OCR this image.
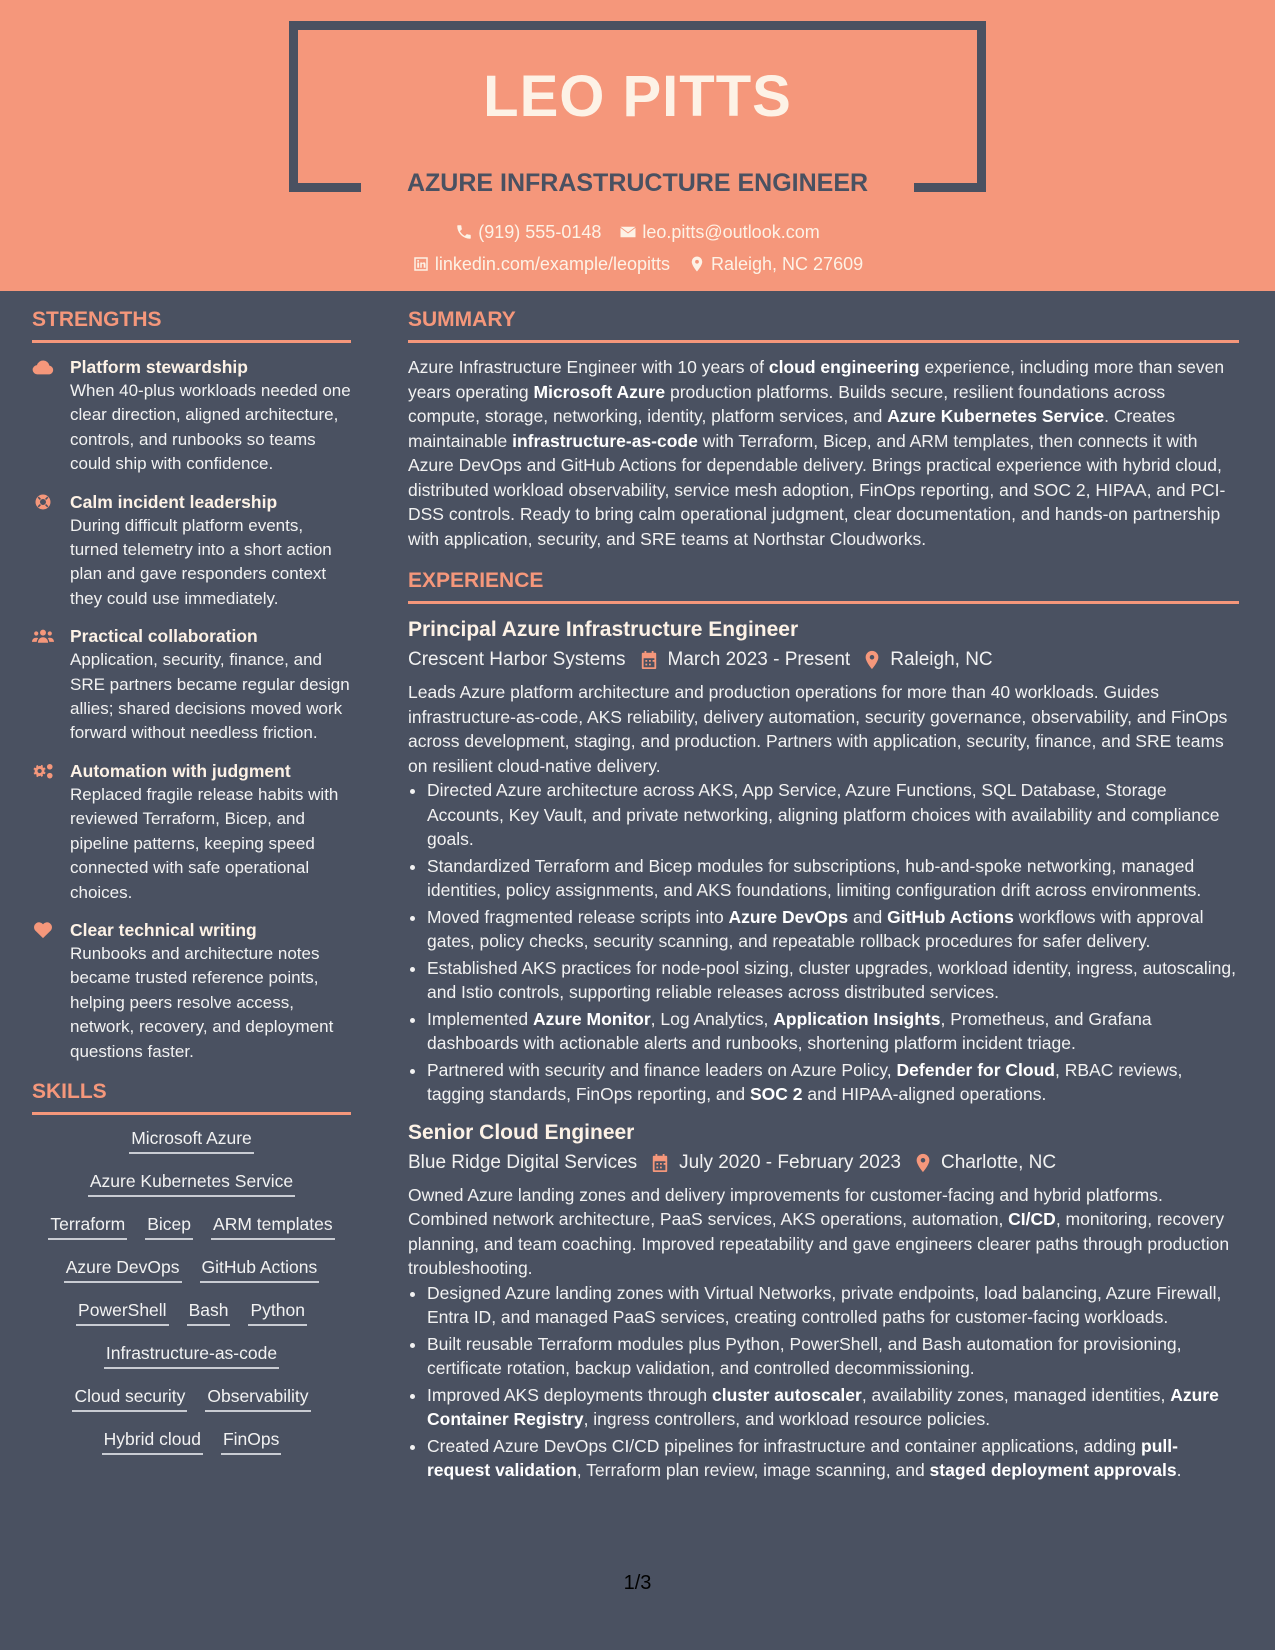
LEO PITTS
AZURE INFRASTRUCTURE ENGINEER
(919) 555-0148 leo.pitts@outlook.com
linkedin.com/example/leopitts Raleigh, NC 27609
STRENGTHS
Platform stewardship
When 40-plus workloads needed one clear direction, aligned architecture, controls, and runbooks so teams could ship with confidence.
Calm incident leadership
During difficult platform events, turned telemetry into a short action plan and gave responders context they could use immediately.
Practical collaboration
Application, security, finance, and SRE partners became regular design allies; shared decisions moved work forward without needless friction.
Automation with judgment
Replaced fragile release habits with reviewed Terraform, Bicep, and pipeline patterns, keeping speed connected with safe operational choices.
Clear technical writing
Runbooks and architecture notes became trusted reference points, helping peers resolve access, network, recovery, and deployment questions faster.
SKILLS
Microsoft Azure
Azure Kubernetes Service
Terraform Bicep ARM templates
Azure DevOps GitHub Actions
PowerShell Bash Python
Infrastructure-as-code
Cloud security Observability
Hybrid cloud FinOps
SUMMARY
Azure Infrastructure Engineer with 10 years of cloud engineering experience, including more than seven years operating Microsoft Azure production platforms. Builds secure, resilient foundations across compute, storage, networking, identity, platform services, and Azure Kubernetes Service. Creates maintainable infrastructure-as-code with Terraform, Bicep, and ARM templates, then connects it with Azure DevOps and GitHub Actions for dependable delivery. Brings practical experience with hybrid cloud, distributed workload observability, service mesh adoption, FinOps reporting, and SOC 2, HIPAA, and PCI-DSS controls. Ready to bring calm operational judgment, clear documentation, and hands-on partnership with application, security, and SRE teams at Northstar Cloudworks.
EXPERIENCE
Principal Azure Infrastructure Engineer
Crescent Harbor Systems March 2023 - Present Raleigh, NC
Leads Azure platform architecture and production operations for more than 40 workloads. Guides infrastructure-as-code, AKS reliability, delivery automation, security governance, observability, and FinOps across development, staging, and production. Partners with application, security, finance, and SRE teams on resilient cloud-native delivery.
• Directed Azure architecture across AKS, App Service, Azure Functions, SQL Database, Storage Accounts, Key Vault, and private networking, aligning platform choices with availability and compliance goals.
• Standardized Terraform and Bicep modules for subscriptions, hub-and-spoke networking, managed identities, policy assignments, and AKS foundations, limiting configuration drift across environments.
• Moved fragmented release scripts into Azure DevOps and GitHub Actions workflows with approval gates, policy checks, security scanning, and repeatable rollback procedures for safer delivery.
• Established AKS practices for node-pool sizing, cluster upgrades, workload identity, ingress, autoscaling, and Istio controls, supporting reliable releases across distributed services.
• Implemented Azure Monitor, Log Analytics, Application Insights, Prometheus, and Grafana dashboards with actionable alerts and runbooks, shortening platform incident triage.
• Partnered with security and finance leaders on Azure Policy, Defender for Cloud, RBAC reviews, tagging standards, FinOps reporting, and SOC 2 and HIPAA-aligned operations.
Senior Cloud Engineer
Blue Ridge Digital Services July 2020 - February 2023 Charlotte, NC
Owned Azure landing zones and delivery improvements for customer-facing and hybrid platforms. Combined network architecture, PaaS services, AKS operations, automation, CI/CD, monitoring, recovery planning, and team coaching. Improved repeatability and gave engineers clearer paths through production troubleshooting.
• Designed Azure landing zones with Virtual Networks, private endpoints, load balancing, Azure Firewall, Entra ID, and managed PaaS services, creating controlled paths for customer-facing workloads.
• Built reusable Terraform modules plus Python, PowerShell, and Bash automation for provisioning, certificate rotation, backup validation, and controlled decommissioning.
• Improved AKS deployments through cluster autoscaler, availability zones, managed identities, Azure Container Registry, ingress controllers, and workload resource policies.
• Created Azure DevOps CI/CD pipelines for infrastructure and container applications, adding pull-request validation, Terraform plan review, image scanning, and staged deployment approvals.
1/3
